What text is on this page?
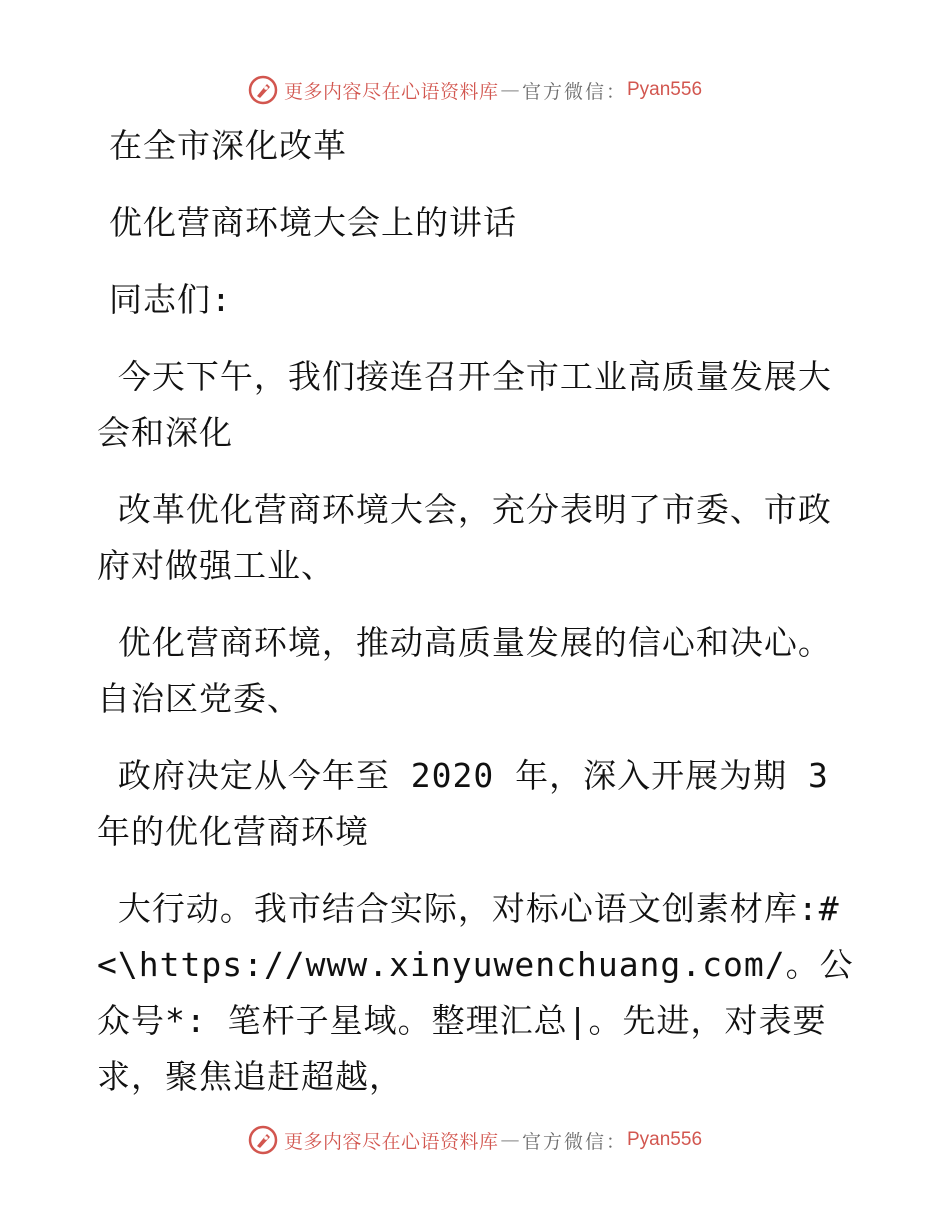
更多内容尽在心语资料库 — 官方微信： Pyan556

在全市深化改革

优化营商环境大会上的讲话

同志们:

今天下午，我们接连召开全市工业高质量发展大会和深化

改革优化营商环境大会，充分表明了市委、市政府对做强工业、

优化营商环境，推动高质量发展的信心和决心。自治区党委、

政府决定从今年至 2020 年，深入开展为期 3 年的优化营商环境

大行动。我市结合实际，对标心语文创素材库:#<\https://www.xinyuwenchuang.com/。公众号*: 笔杆子星域。整理汇总|。先进，对表要求，聚焦追赶超越，

更多内容尽在心语资料库 — 官方微信： Pyan556
